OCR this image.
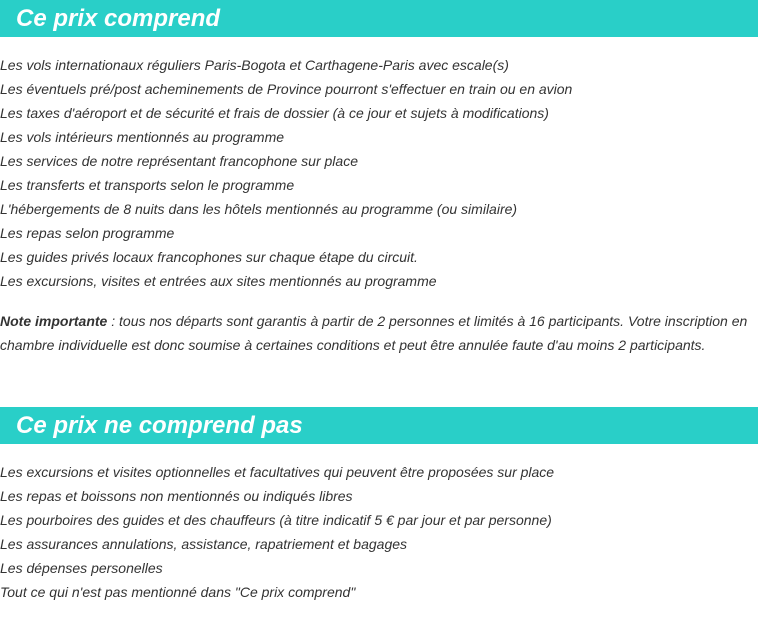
Ce prix comprend
Les vols internationaux réguliers Paris-Bogota et Carthagene-Paris avec escale(s)
Les éventuels pré/post acheminements de Province pourront s'effectuer en train ou en avion
Les taxes d'aéroport et de sécurité et frais de dossier (à ce jour et sujets à modifications)
Les vols intérieurs mentionnés au programme
Les services de notre représentant francophone sur place
Les transferts et transports selon le programme
L'hébergements de 8 nuits dans les hôtels mentionnés au programme (ou similaire)
Les repas selon programme
Les guides privés locaux francophones sur chaque étape du circuit.
Les excursions, visites et entrées aux sites mentionnés au programme

Note importante : tous nos départs sont garantis à partir de 2 personnes et limités à 16 participants. Votre inscription en chambre individuelle est donc soumise à certaines conditions et peut être annulée faute d'au moins 2 participants.

Ce prix ne comprend pas
Les excursions et visites optionnelles et facultatives qui peuvent être proposées sur place
Les repas et boissons non mentionnés ou indiqués libres
Les pourboires des guides et des chauffeurs (à titre indicatif 5 € par jour et par personne)
Les assurances annulations, assistance, rapatriement et bagages
Les dépenses personelles
Tout ce qui n'est pas mentionné dans "Ce prix comprend"
